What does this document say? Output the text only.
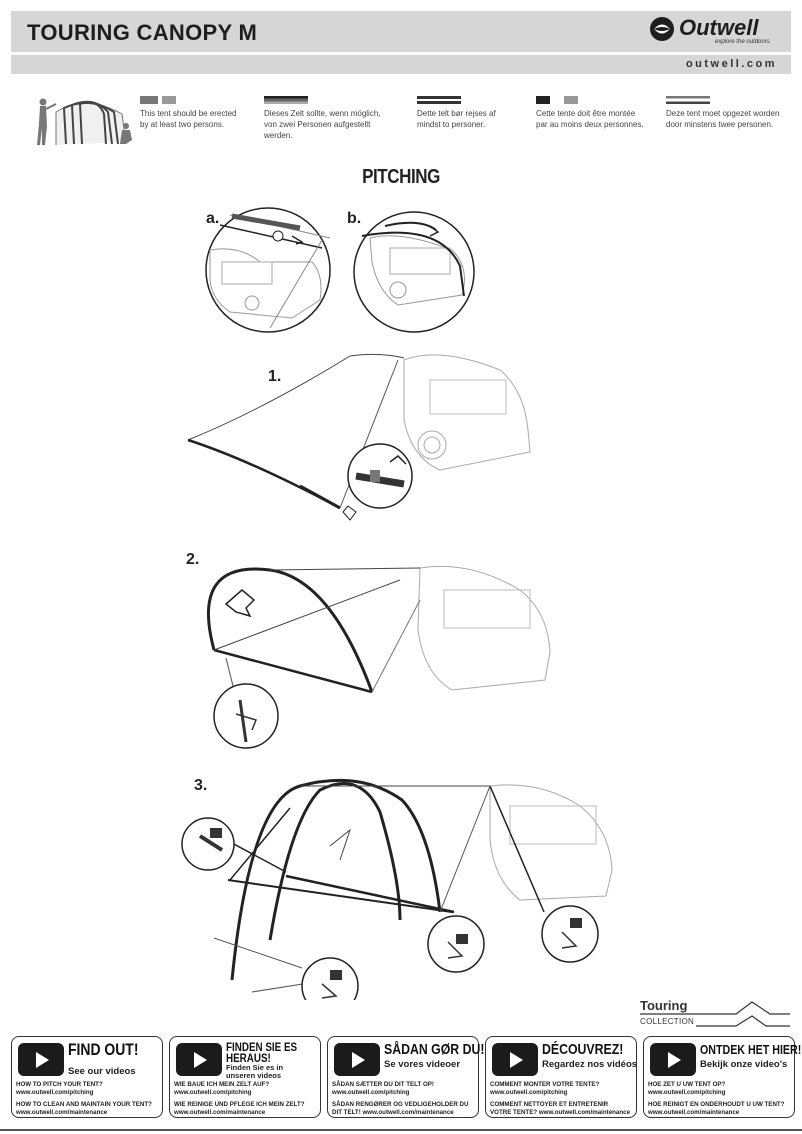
TOURING CANOPY M	Outwell
explore the outdoors
outwell.com
This tent should be erected by at least two persons.
Dieses Zelt sollte, wenn möglich, von zwei Personen aufgestellt werden.
Dette telt bør rejses af mindst to personer.
Cette tente doit être montée par au moins deux personnes.
Deze tent moet opgezet worden door minstens twee personen.
PITCHING
a.	b.
1.
2.
3.
Touring
COLLECTION
FIND OUT!
See our videos
HOW TO PITCH YOUR TENT?
www.outwell.com/pitching
HOW TO CLEAN AND MAINTAIN YOUR TENT?
www.outwell.com/maintenance
FINDEN SIE ES HERAUS!
Finden Sie es in unseren videos
WIE BAUE ICH MEIN ZELT AUF?
www.outwell.com/pitching
WIE REINIGE UND PFLEGE ICH MEIN ZELT?
www.outwell.com/maintenance
SÅDAN GØR DU!
Se vores videoer
SÅDAN SÆTTER DU DIT TELT OP!
www.outwell.com/pitching
SÅDAN RENGØRER OG VEDLIGEHOLDER DU
DIT TELT! www.outwell.com/maintenance
DÉCOUVREZ!
Regardez nos vidéos
COMMENT MONTER VOTRE TENTE?
www.outwell.com/pitching
COMMENT NETTOYER ET ENTRETENIR
VOTRE TENTE? www.outwell.com/maintenance
ONTDEK HET HIER!
Bekijk onze video's
HOE ZET U UW TENT OP?
www.outwell.com/pitching
HOE REINIGT EN ONDERHOUDT U UW TENT?
www.outwell.com/maintenance
